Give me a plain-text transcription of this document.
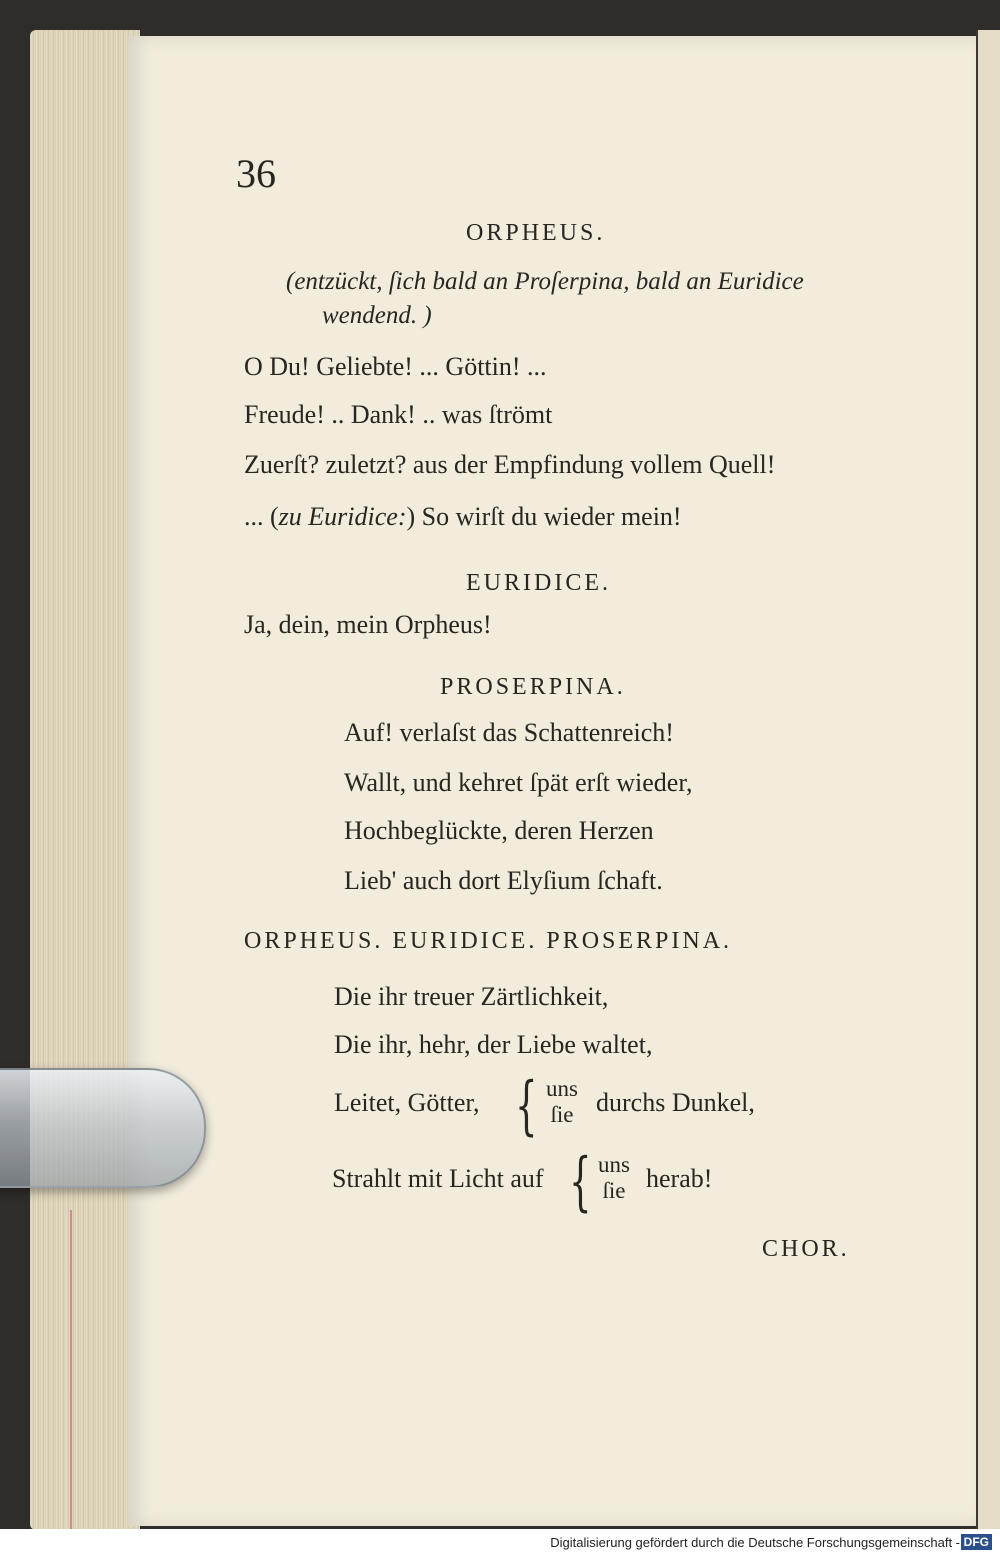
36
ORPHEUS.
(entzückt, ſich bald an Proſerpina, bald an Euridice
wendend. )
O Du! Geliebte! ... Göttin! ...
Freude! .. Dank! .. was ſtrömt
Zuerſt? zuletzt? aus der Empfindung vollem Quell!
... (zu Euridice:) So wirſt du wieder mein!
EURIDICE.
Ja, dein, mein Orpheus!
PROSERPINA.
Auf! verlaſst das Schattenreich!
Wallt, und kehret ſpät erſt wieder,
Hochbeglückte, deren Herzen
Lieb' auch dort Elyſium ſchaft.
ORPHEUS. EURIDICE. PROSERPINA.
Die ihr treuer Zärtlichkeit,
Die ihr, hehr, der Liebe waltet,
Leitet, Götter, { uns
ſie durchs Dunkel,
Strahlt mit Licht auf { uns
ſie herab!
CHOR.
Digitalisierung gefördert durch die Deutsche Forschungsgemeinschaft - DFG
